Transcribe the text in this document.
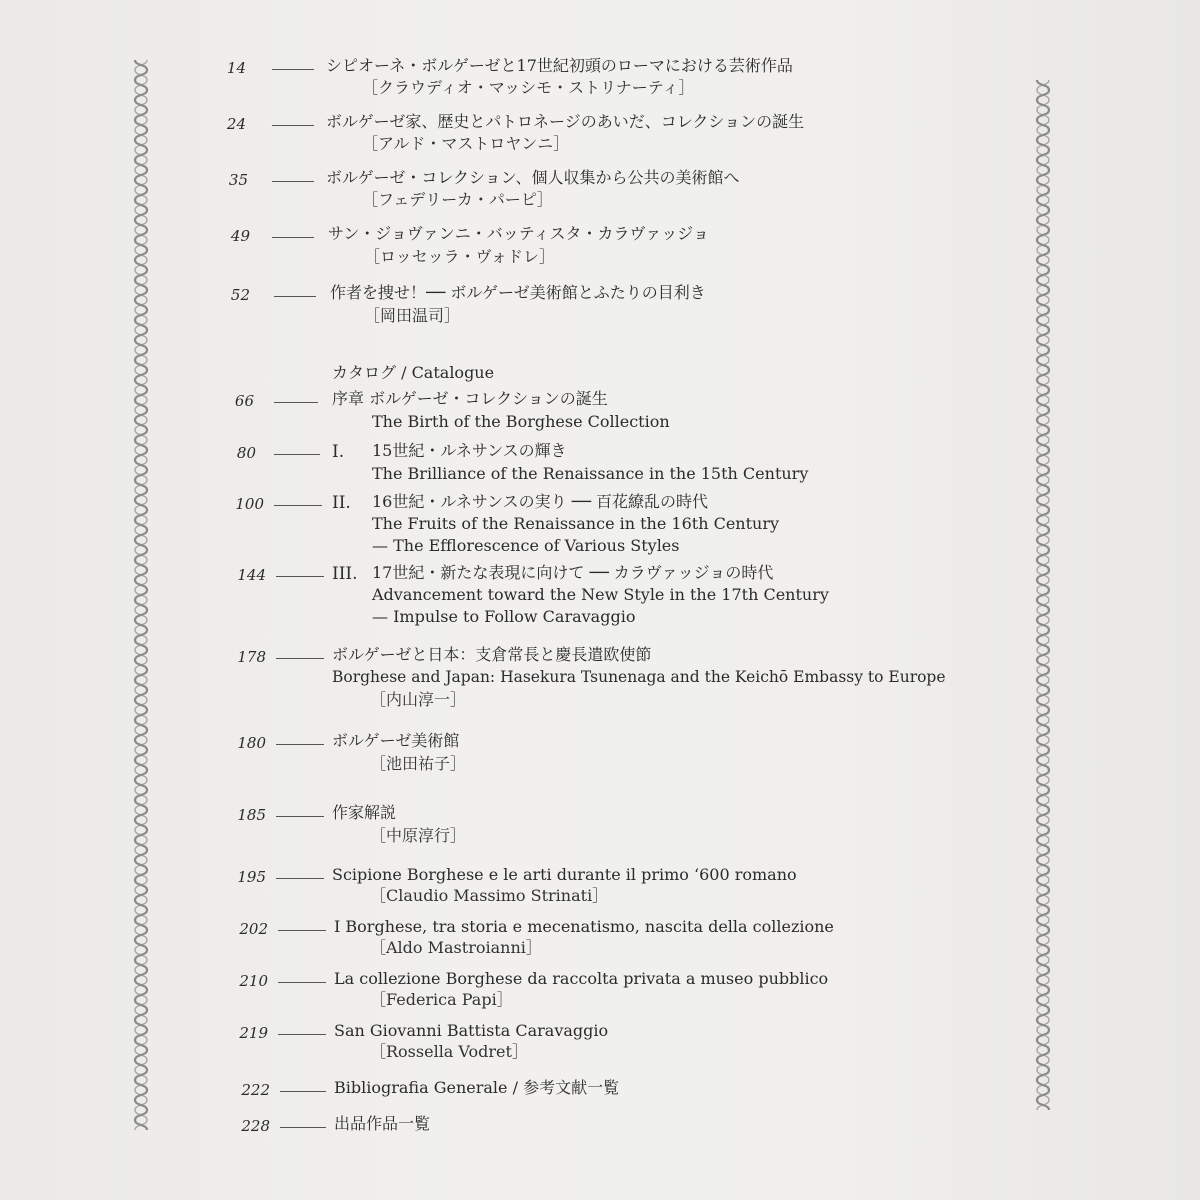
14	シピオーネ・ボルゲーゼと17世紀初頭のローマにおける芸術作品
［クラウディオ・マッシモ・ストリナーティ］
24	ボルゲーゼ家、歴史とパトロネージのあいだ、コレクションの誕生
［アルド・マストロヤンニ］
35	ボルゲーゼ・コレクション、個人収集から公共の美術館へ
［フェデリーカ・パーピ］
49	サン・ジョヴァンニ・バッティスタ・カラヴァッジョ
［ロッセッラ・ヴォドレ］
52	作者を捜せ！── ボルゲーゼ美術館とふたりの目利き
［岡田温司］
カタログ / Catalogue
66	序章 ボルゲーゼ・コレクションの誕生
The Birth of the Borghese Collection
80	I. 15世紀・ルネサンスの輝き
The Brilliance of the Renaissance in the 15th Century
100	II. 16世紀・ルネサンスの実り ── 百花繚乱の時代
The Fruits of the Renaissance in the 16th Century
— The Efflorescence of Various Styles
144	III. 17世紀・新たな表現に向けて ── カラヴァッジョの時代
Advancement toward the New Style in the 17th Century
— Impulse to Follow Caravaggio
178	ボルゲーゼと日本：支倉常長と慶長遣欧使節
Borghese and Japan: Hasekura Tsunenaga and the Keichō Embassy to Europe
［内山淳一］
180	ボルゲーゼ美術館
［池田祐子］
185	作家解説
［中原淳行］
195	Scipione Borghese e le arti durante il primo ‘600 romano
［Claudio Massimo Strinati］
202	I Borghese, tra storia e mecenatismo, nascita della collezione
［Aldo Mastroianni］
210	La collezione Borghese da raccolta privata a museo pubblico
［Federica Papi］
219	San Giovanni Battista Caravaggio
［Rossella Vodret］
222	Bibliografia Generale / 参考文献一覧
228	出品作品一覧
